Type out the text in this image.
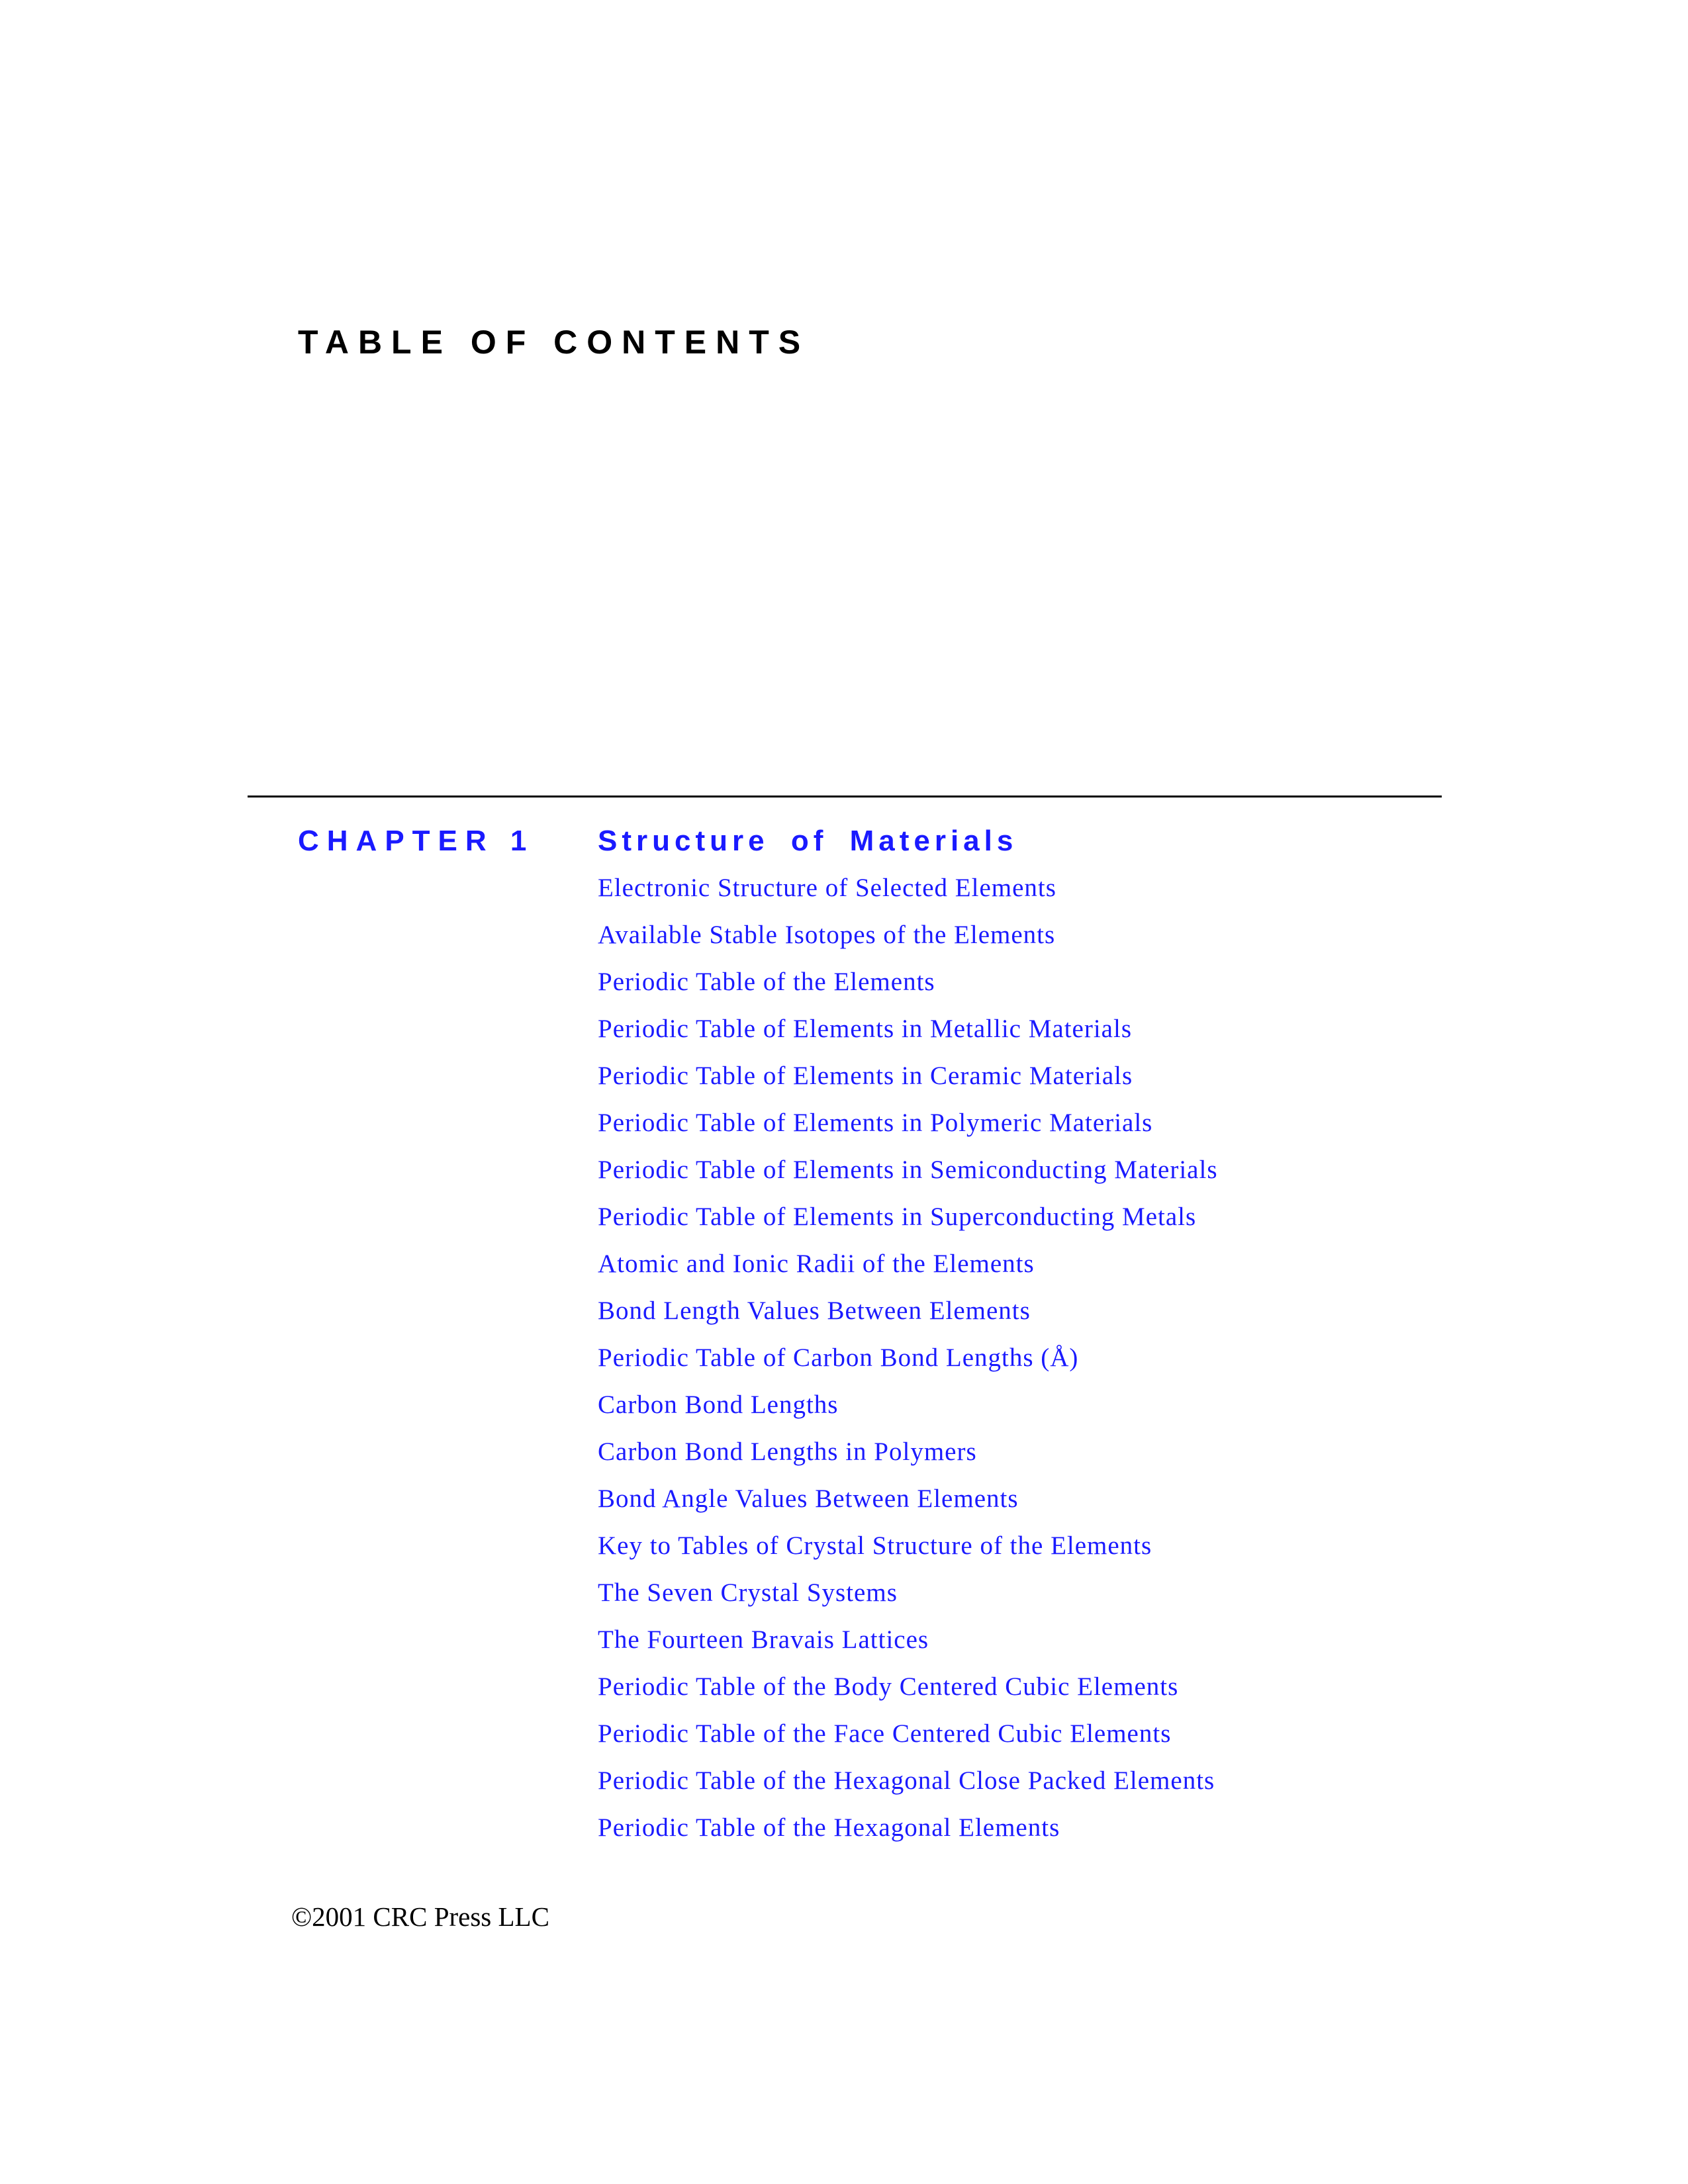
TABLE OF CONTENTS
CHAPTER 1 Structure of Materials
Electronic Structure of Selected Elements
Available Stable Isotopes of the Elements
Periodic Table of the Elements
Periodic Table of Elements in Metallic Materials
Periodic Table of Elements in Ceramic Materials
Periodic Table of Elements in Polymeric Materials
Periodic Table of Elements in Semiconducting Materials
Periodic Table of Elements in Superconducting Metals
Atomic and Ionic Radii of the Elements
Bond Length Values Between Elements
Periodic Table of Carbon Bond Lengths (Å)
Carbon Bond Lengths
Carbon Bond Lengths in Polymers
Bond Angle Values Between Elements
Key to Tables of Crystal Structure of the Elements
The Seven Crystal Systems
The Fourteen Bravais Lattices
Periodic Table of the Body Centered Cubic Elements
Periodic Table of the Face Centered Cubic Elements
Periodic Table of the Hexagonal Close Packed Elements
Periodic Table of the Hexagonal Elements
©2001 CRC Press LLC
